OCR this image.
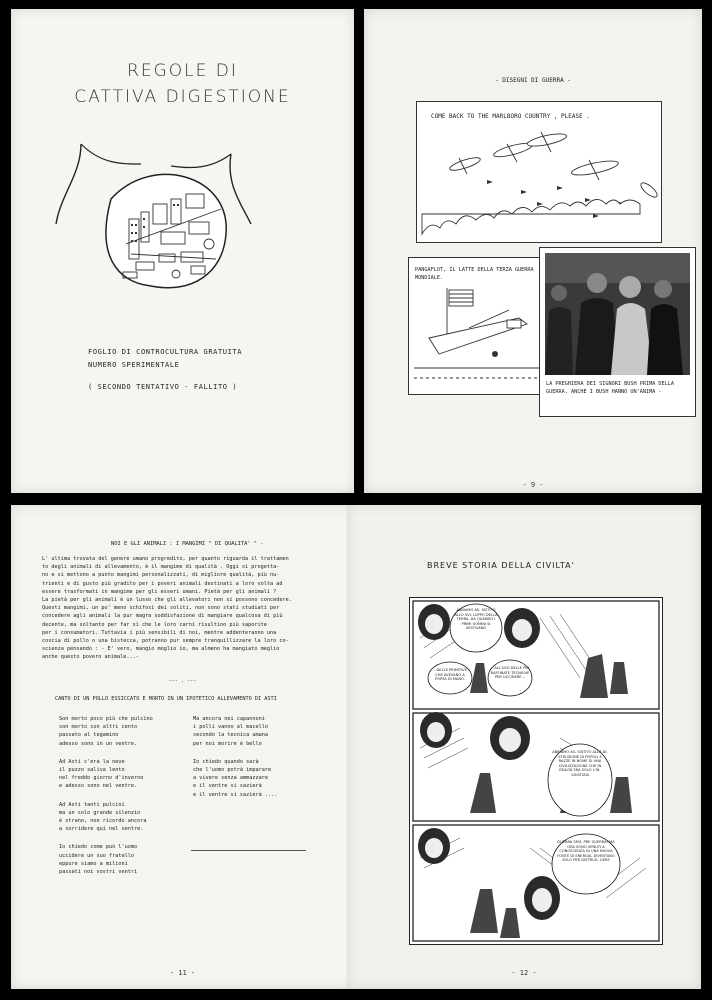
REGOLE DI
CATTIVA DIGESTIONE
FOGLIO DI CONTROCULTURA GRATUITA
NUMERO SPERIMENTALE
( SECONDO TENTATIVO - FALLITO )
- DISEGNI DI GUERRA -
COME BACK TO THE MARLBORO COUNTRY , PLEASE .
PANGAFLOT, IL LATTE DELLA TERZA GUERRA MONDIALE.
LA PREGHIERA DEI SIGNORI BUSH PRIMA DELLA GUERRA. ANCHE I BUSH HANNO UN'ANIMA -
- 9 -
NOI E GLI ANIMALI : I MANGIMI " DI QUALITA' " -
L' ultima trovata del genere umano progredito, per quanto riguarda il trattamen
to degli animali di allevamento, è il mangime di qualità . Oggi si progetta-
no e si mettono a punto mangimi personalizzati, di migliore qualità, più nu-
trienti e di gusto più gradito per i poveri animali destinati a loro volta ad
essere trasformati in mangime per gli esseri umani. Pietà per gli animali ?
La pietà per gli animali è un lusso che gli allevatori non si possono concedere.
Questi mangimi, un po' meno schifosi dei soliti, non sono stati studiati per
concedere agli animali la pur magra soddisfazione di mangiare qualcosa di più
decente, ma soltanto per far sì che le loro carni risultino più saporite
per i consumatori. Tuttavia i più sensibili di noi, mentre addenteranno una
coscia di pollo o una bistecca, potranno pur sempre tranquillizzare la loro co-
scienza pensando : - E' vero, mangio moglio io, ma almeno ha mangiato meglio
anche questo povero animale...-
--- . ---
CANTO DI UN POLLO ESSICCATO E MORTO IN UN IPOTETICO ALLEVAMENTO DI ASTI
Son morto poco più che pulcino
son morto con altri cento
passato al tegamino
adesso sono in un ventre.
Ad Asti c'era la neve
il puzzo saliva lento
nel freddo giorno d'inverno
e adesso sono nel ventre.
Ad Asti tanti pulcini
ma un solo grande silenzio
è strano, non ricordo ancora
a sorridere qui nel ventre.
Io chiedo come può l'uomo
uccidere un suo fratello
eppure siamo a milioni
passati noi vostri ventri
Ma ancora nei capannoni
i polli vanno al macello
secondo la tecnica umana
per noi morire è bello
Io chiedo quando sarà
che l'uomo potrà imparare
a vivere senza ammazzare
e il ventre si sazierà
e il ventre si sazierà ....
- 11 -
BREVE STORIA DELLA CIVILTA'
ABBIAMO AS- SISTITO ALLO SVI- LUPPO DELLA TERRA. DA QUANDO I PRIMI UOMINI SI VESTIVANO
...DELLE PRIMITIVE CHE AVEVANO A PORTA DI MANO.
...ALL'USO DELLE PIÙ RAFFINATE TECNICHE PER UCCIDERE...
ABBIAMO AS- SISTITO ALLA DI- STRUZIONE DI POPOLI E RAZZE IN NOME DI UNA CIVILIZZAZIONE CHE IN REALTÀ ERA SOLO L'IN- GIUSTIZIA
GUERRA SEM- PRE GUERRA! MA ORA SONO VENUTI A CONOSCENZA DI UNA NUOVA FONTE DI ENERGIA, DIVENTANO SOLO PER DISTRUG- GERE
- 12 -
